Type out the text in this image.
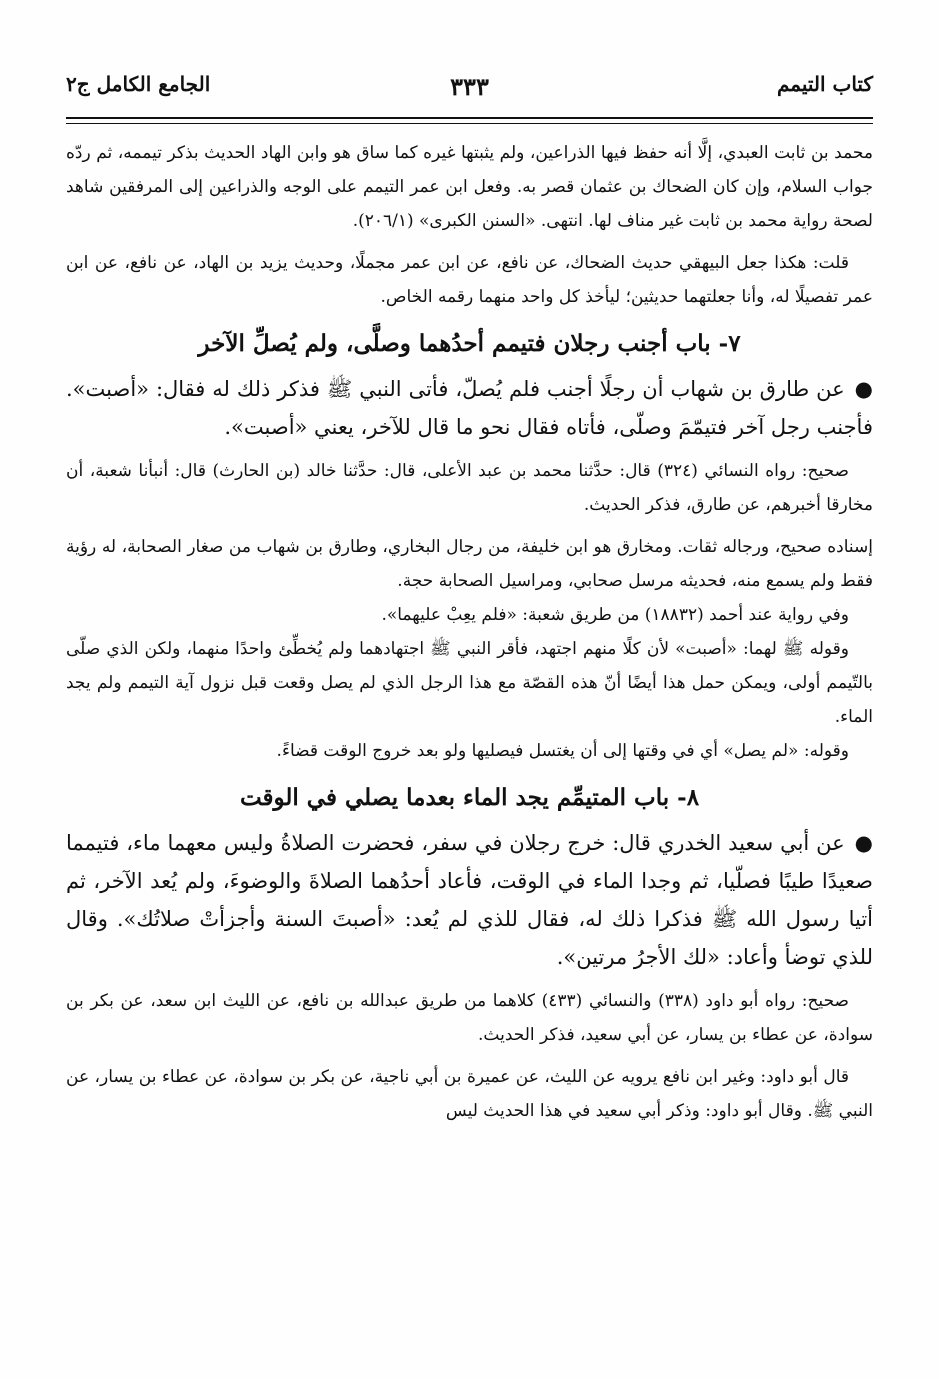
كتاب التيمم
٣٣٣
الجامع الكامل ج٢

محمد بن ثابت العبدي، إلَّا أنه حفظ فيها الذراعين، ولم يثبتها غيره كما ساق هو وابن الهاد الحديث بذكر تيممه، ثم ردّه جواب السلام، وإن كان الضحاك بن عثمان قصر به. وفعل ابن عمر التيمم على الوجه والذراعين إلى المرفقين شاهد لصحة رواية محمد بن ثابت غير مناف لها. انتهى. «السنن الكبرى» (٢٠٦/١).

قلت: هكذا جعل البيهقي حديث الضحاك، عن نافع، عن ابن عمر مجملًا، وحديث يزيد بن الهاد، عن نافع، عن ابن عمر تفصيلًا له، وأنا جعلتهما حديثين؛ ليأخذ كل واحد منهما رقمه الخاص.

٧- باب أجنب رجلان فتيمم أحدُهما وصلَّى، ولم يُصلِّ الآخر

●عن طارق بن شهاب أن رجلًا أجنب فلم يُصلّ، فأتى النبي ﷺ فذكر ذلك له فقال: «أصبت». فأجنب رجل آخر فتيمّمَ وصلّى، فأتاه فقال نحو ما قال للآخر، يعني «أصبت».

صحيح: رواه النسائي (٣٢٤) قال: حدَّثنا محمد بن عبد الأعلى، قال: حدَّثنا خالد (بن الحارث) قال: أنبأنا شعبة، أن مخارقا أخبرهم، عن طارق، فذكر الحديث.

إسناده صحيح، ورجاله ثقات. ومخارق هو ابن خليفة، من رجال البخاري، وطارق بن شهاب من صغار الصحابة، له رؤية فقط ولم يسمع منه، فحديثه مرسل صحابي، ومراسيل الصحابة حجة.

وفي رواية عند أحمد (١٨٨٣٢) من طريق شعبة: «فلم يعِبْ عليهما».

وقوله ﷺ لهما: «أصبت» لأن كلًا منهم اجتهد، فأقر النبي ﷺ اجتهادهما ولم يُخطِّئ واحدًا منهما، ولكن الذي صلّى بالتّيمم أولى، ويمكن حمل هذا أيضًا أنّ هذه القصّة مع هذا الرجل الذي لم يصل وقعت قبل نزول آية التيمم ولم يجد الماء.

وقوله: «لم يصل» أي في وقتها إلى أن يغتسل فيصليها ولو بعد خروج الوقت قضاءً.

٨- باب المتيمِّم يجد الماء بعدما يصلي في الوقت

●عن أبي سعيد الخدري قال: خرج رجلان في سفر، فحضرت الصلاةُ وليس معهما ماء، فتيمما صعيدًا طيبًا فصلّيا، ثم وجدا الماء في الوقت، فأعاد أحدُهما الصلاةَ والوضوءَ، ولم يُعد الآخر، ثم أتيا رسول الله ﷺ فذكرا ذلك له، فقال للذي لم يُعد: «أصبتَ السنة وأجزأتْ صلاتُك». وقال للذي توضأ وأعاد: «لك الأجرُ مرتين».

صحيح: رواه أبو داود (٣٣٨) والنسائي (٤٣٣) كلاهما من طريق عبدالله بن نافع، عن الليث ابن سعد، عن بكر بن سوادة، عن عطاء بن يسار، عن أبي سعيد، فذكر الحديث.

قال أبو داود: وغير ابن نافع يرويه عن الليث، عن عميرة بن أبي ناجية، عن بكر بن سوادة، عن عطاء بن يسار، عن النبي ﷺ. وقال أبو داود: وذكر أبي سعيد في هذا الحديث ليس
